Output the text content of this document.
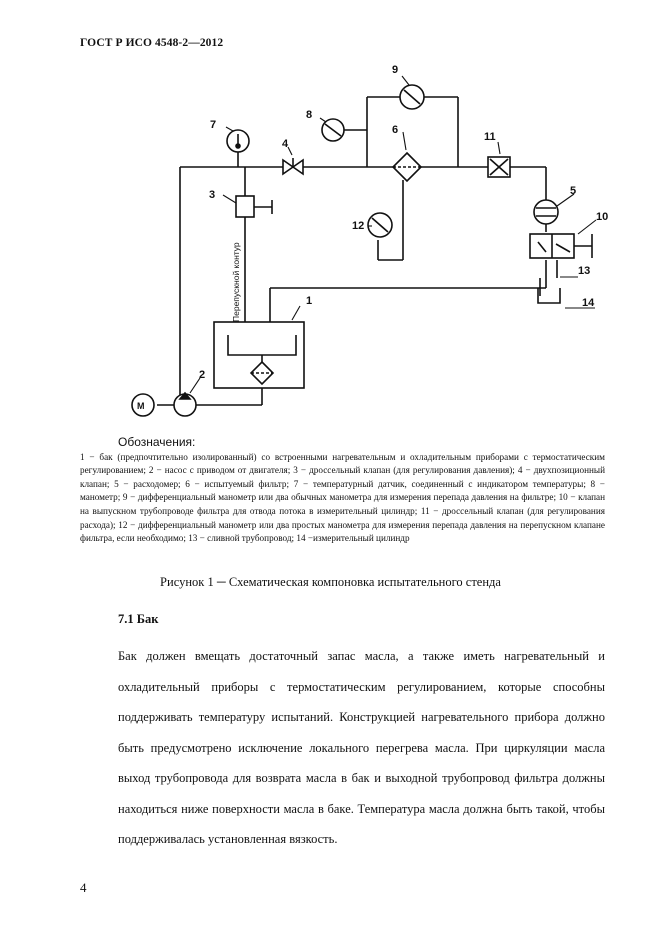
ГОСТ Р ИСО 4548-2—2012
7
9
8
4
6
11
5
10
12
3
1
2
13
14
М
Перепускной контур
Обозначения:
1 − бак (предпочтительно изолированный) со встроенными нагревательным и охладительным приборами с термостатическим регулированием; 2 − насос с приводом от двигателя; 3 − дроссельный клапан (для регулирования давления); 4 − двухпозиционный клапан; 5 − расходомер; 6 − испытуемый фильтр; 7 − температурный датчик, соединенный с индикатором температуры; 8 − манометр; 9 − дифференциальный манометр или два обычных манометра для измерения перепада давления на фильтре; 10 − клапан на выпускном трубопроводе фильтра для отвода потока в измерительный цилиндр; 11 − дроссельный клапан (для регулирования расхода); 12 − дифференциальный манометр или два простых манометра для измерения перепада давления на перепускном клапане фильтра, если необходимо; 13 − сливной трубопровод; 14 −измерительный цилиндр
Рисунок 1 ─ Схематическая компоновка испытательного стенда
7.1 Бак

Бак должен вмещать достаточный запас масла, а также иметь нагревательный и охладительный приборы с термостатическим регулированием, которые способны поддерживать температуру испытаний. Конструкцией нагревательного прибора должно быть предусмотрено исключение локального перегрева масла. При циркуляции масла выход трубопровода для возврата масла в бак и выходной трубопровод фильтра должны находиться ниже поверхности масла в баке. Температура масла должна быть такой, чтобы поддерживалась установленная вязкость.

4
